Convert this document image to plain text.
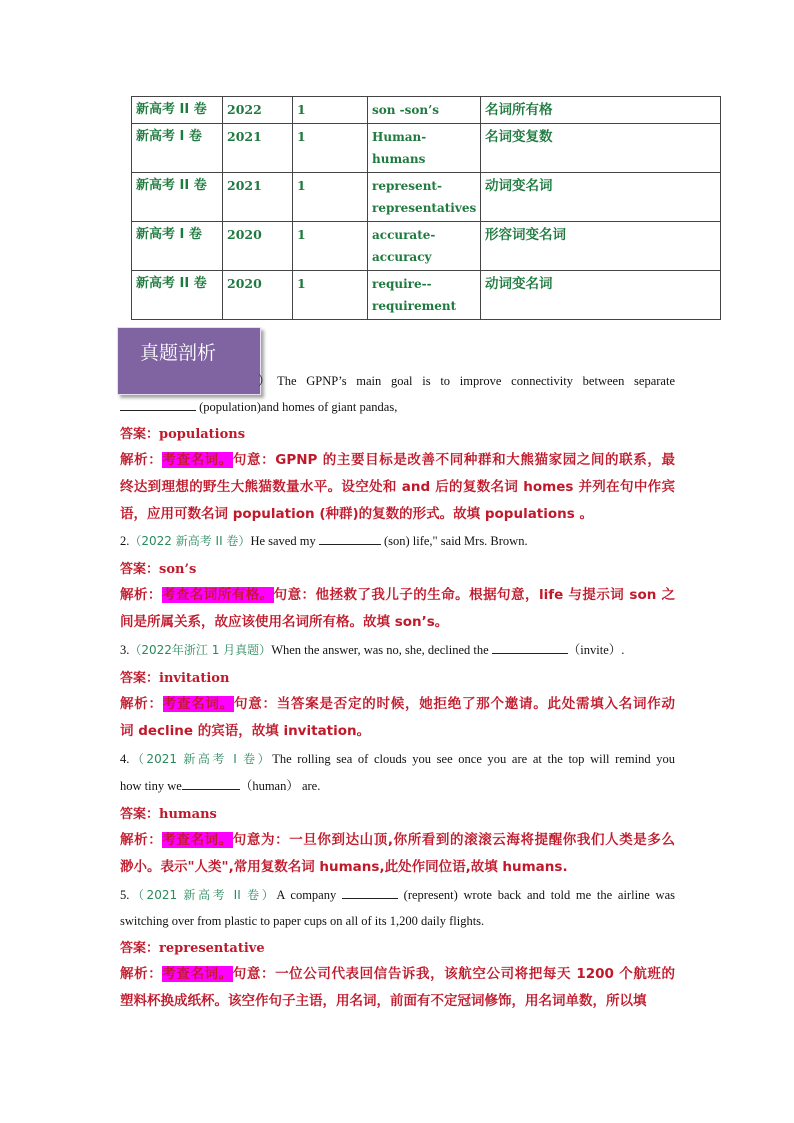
新高考 II 卷	2022	1	son -son’s	名词所有格
新高考 I 卷	2021	1	Human-humans	名词变复数
新高考 II 卷	2021	1	represent-representatives	动词变名词
新高考 I 卷	2020	1	accurate-accuracy	形容词变名词
新高考 II 卷	2020	1	require--requirement	动词变名词
真题剖析
）The GPNP’s main goal is to improve connectivity between separate
(population)and homes of giant pandas,
答案：populations
解析：考查名词。句意：GPNP 的主要目标是改善不同种群和大熊猫家园之间的联系，最
终达到理想的野生大熊猫数量水平。设空处和 and 后的复数名词 homes 并列在句中作宾
语，应用可数名词 population (种群)的复数的形式。故填 populations 。
2.（2022 新高考 II 卷）He saved my	(son) life," said Mrs. Brown.
答案：son’s
解析：考查名词所有格。句意：他拯救了我儿子的生命。根据句意，life 与提示词 son 之
间是所属关系，故应该使用名词所有格。故填 son’s。
3.（2022年浙江 1 月真题）When the answer, was no, she, declined the	（invite）.
答案：invitation
解析：考查名词。句意：当答案是否定的时候，她拒绝了那个邀请。此处需填入名词作动
词 decline 的宾语，故填 invitation。
4.（2021 新高考 I 卷）The rolling sea of clouds you see once you are at the top will remind you
how tiny we	（human） are.
答案：humans
解析：考查名词。句意为：一旦你到达山顶,你所看到的滚滚云海将提醒你我们人类是多么
渺小。表示"人类",常用复数名词 humans,此处作同位语,故填 humans.
5.（2021 新高考 II 卷）A company	(represent) wrote back and told me the airline was
switching over from plastic to paper cups on all of its 1,200 daily flights.
答案：representative
解析：考查名词。句意：一位公司代表回信告诉我，该航空公司将把每天 1200 个航班的
塑料杯换成纸杯。该空作句子主语，用名词，前面有不定冠词修饰，用名词单数，所以填
